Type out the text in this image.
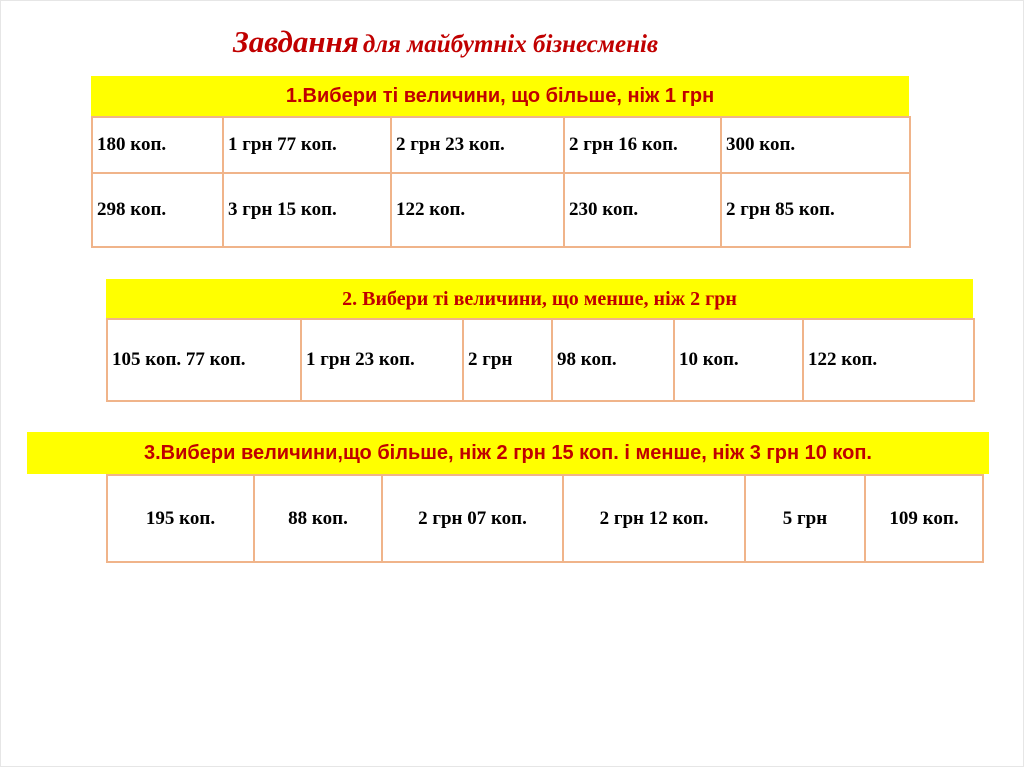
Завдання для майбутніх бізнесменів
1.Вибери ті величини, що більше, ніж 1 грн
180 коп.	1 грн 77 коп.	2 грн 23 коп.	2 грн 16 коп.	300 коп.
298 коп.	3 грн 15 коп.	122 коп.	230 коп.	2 грн 85 коп.
2. Вибери ті величини, що менше, ніж 2 грн
105 коп. 77 коп.	1 грн 23 коп.	2 грн	98 коп.	10 коп.	122 коп.
195 коп.	88 коп.	2 грн 07 коп.	2 грн 12 коп.	5 грн	109 коп.
3.Вибери величини,що більше, ніж 2 грн 15 коп. і менше, ніж 3 грн 10 коп.
